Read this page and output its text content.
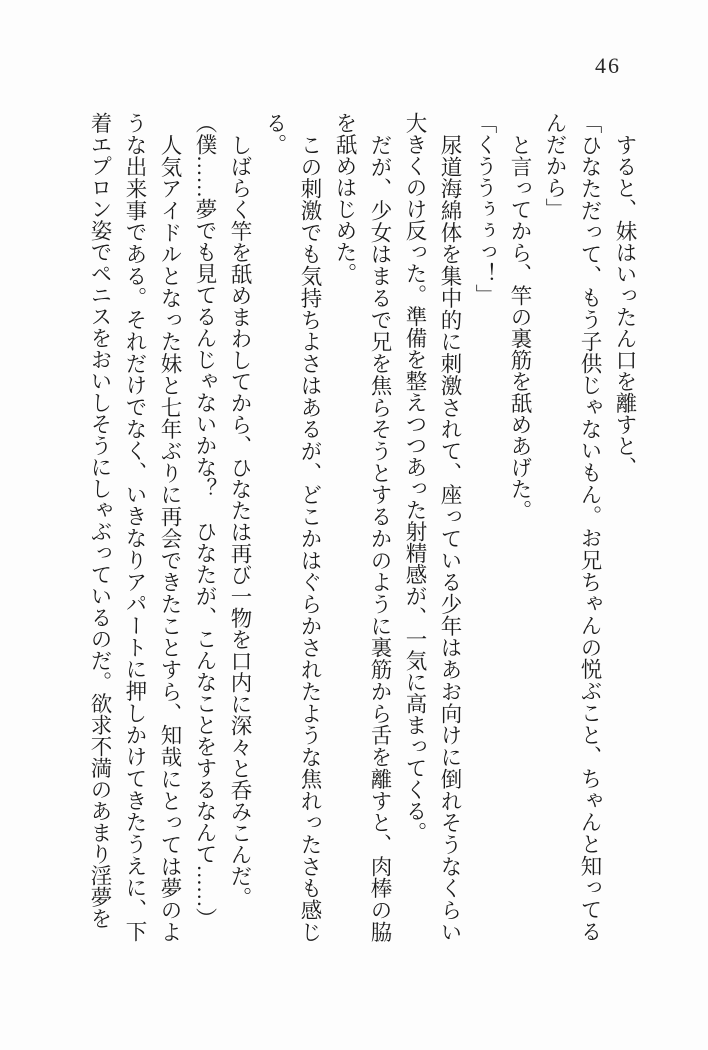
46

すると、妹はいったん口を離すと、

「ひなただって、もう子供じゃないもん。お兄ちゃんの悦ぶこと、ちゃんと知ってるんだから」

と言ってから、竿の裏筋を舐めあげた。

「くううぅぅっ！」

尿道海綿体を集中的に刺激されて、座っている少年はあお向けに倒れそうなくらい大きくのけ反った。準備を整えつつあった射精感が、一気に高まってくる。

だが、少女はまるで兄を焦らそうとするかのように裏筋から舌を離すと、肉棒の脇を舐めはじめた。

この刺激でも気持ちよさはあるが、どこかはぐらかされたような焦れったさも感じる。

しばらく竿を舐めまわしてから、ひなたは再び一物を口内に深々と呑みこんだ。

（僕……夢でも見てるんじゃないかな？　ひなたが、こんなことをするなんて……）

人気アイドルとなった妹と七年ぶりに再会できたことすら、知哉にとっては夢のような出来事である。それだけでなく、いきなりアパートに押しかけてきたうえに、下着エプロン姿でペニスをおいしそうにしゃぶっているのだ。欲求不満のあまり淫夢を
